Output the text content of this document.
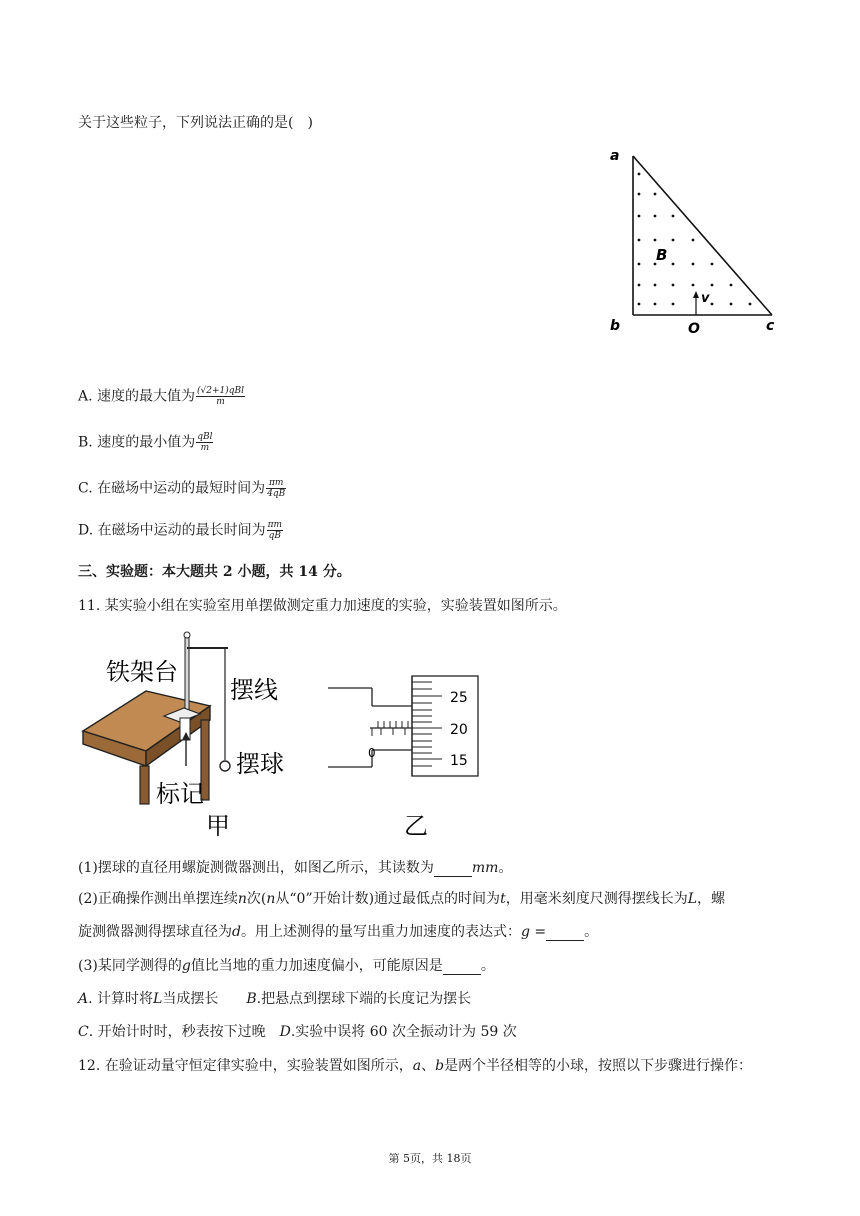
关于这些粒子，下列说法正确的是(　)
a
b	c
O
B
v
A. 速度的最大值为 $\frac{\text{(√2+1)qBl}}{m}$
B. 速度的最小值为 $\frac{\text{qBl}}{m}$
C. 在磁场中运动的最短时间为 $\frac{\pi m}{4qB}$
D. 在磁场中运动的最长时间为 $\frac{\pi m}{qB}$
三、实验题：本大题共 2 小题，共 14 分。
11. 某实验小组在实验室用单摆做测定重力加速度的实验，实验装置如图所示。
铁架台
摆线
摆球
标记
甲
0
25
20
15
乙
(1)摆球的直径用螺旋测微器测出，如图乙所示，其读数为	mm。
(2)正确操作测出单摆连续n次(n从“0”开始计数)通过最低点的时间为t，用毫米刻度尺测得摆线长为L，螺
旋测微器测得摆球直径为d。用上述测得的量写出重力加速度的表达式：g =	。
(3)某同学测得的g值比当地的重力加速度偏小，可能原因是	。
A. 计算时将L当成摆长 B.把悬点到摆球下端的长度记为摆长
C. 开始计时时，秒表按下过晚 D.实验中误将 60 次全振动计为 59 次
12. 在验证动量守恒定律实验中，实验装置如图所示，a、b是两个半径相等的小球，按照以下步骤进行操作：
第 5页，共 18页
